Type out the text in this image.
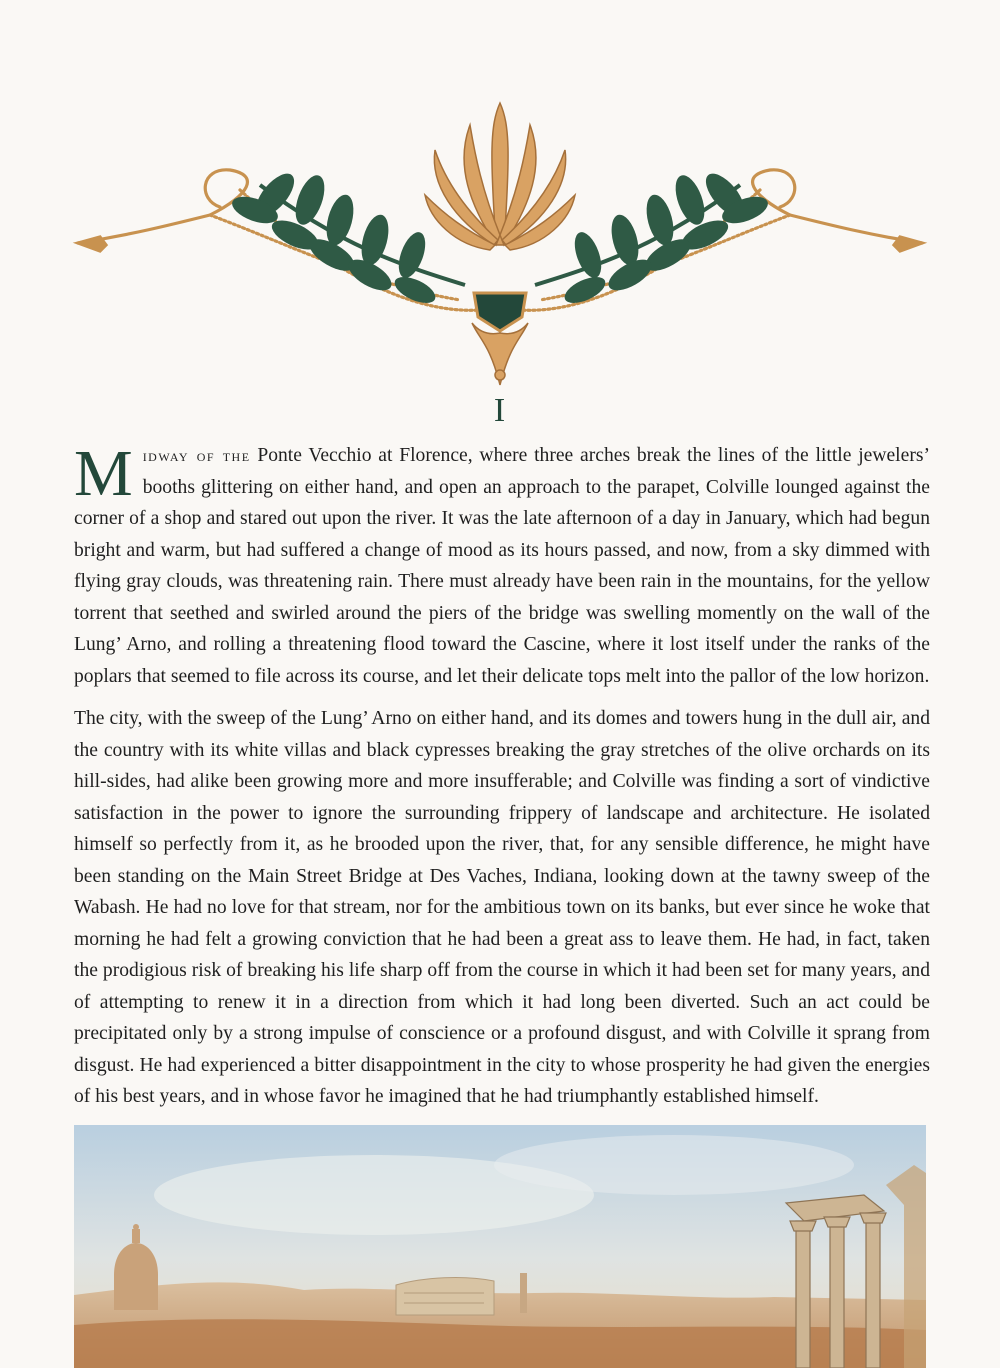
I

Midway of the Ponte Vecchio at Florence, where three arches break the lines of the little jewelers’ booths glittering on either hand, and open an approach to the parapet, Colville lounged against the corner of a shop and stared out upon the river. It was the late afternoon of a day in January, which had begun bright and warm, but had suffered a change of mood as its hours passed, and now, from a sky dimmed with flying gray clouds, was threatening rain. There must already have been rain in the mountains, for the yellow torrent that seethed and swirled around the piers of the bridge was swelling momently on the wall of the Lung’ Arno, and rolling a threatening flood toward the Cascine, where it lost itself under the ranks of the poplars that seemed to file across its course, and let their delicate tops melt into the pallor of the low horizon.

The city, with the sweep of the Lung’ Arno on either hand, and its domes and towers hung in the dull air, and the country with its white villas and black cypresses breaking the gray stretches of the olive orchards on its hill-sides, had alike been growing more and more insufferable; and Colville was finding a sort of vindictive satisfaction in the power to ignore the surrounding frippery of landscape and architecture. He isolated himself so perfectly from it, as he brooded upon the river, that, for any sensible difference, he might have been standing on the Main Street Bridge at Des Vaches, Indiana, looking down at the tawny sweep of the Wabash. He had no love for that stream, nor for the ambitious town on its banks, but ever since he woke that morning he had felt a growing conviction that he had been a great ass to leave them. He had, in fact, taken the prodigious risk of breaking his life sharp off from the course in which it had been set for many years, and of attempting to renew it in a direction from which it had long been diverted. Such an act could be precipitated only by a strong impulse of conscience or a profound disgust, and with Colville it sprang from disgust. He had experienced a bitter disappointment in the city to whose prosperity he had given the energies of his best years, and in whose favor he imagined that he had triumphantly established himself.
